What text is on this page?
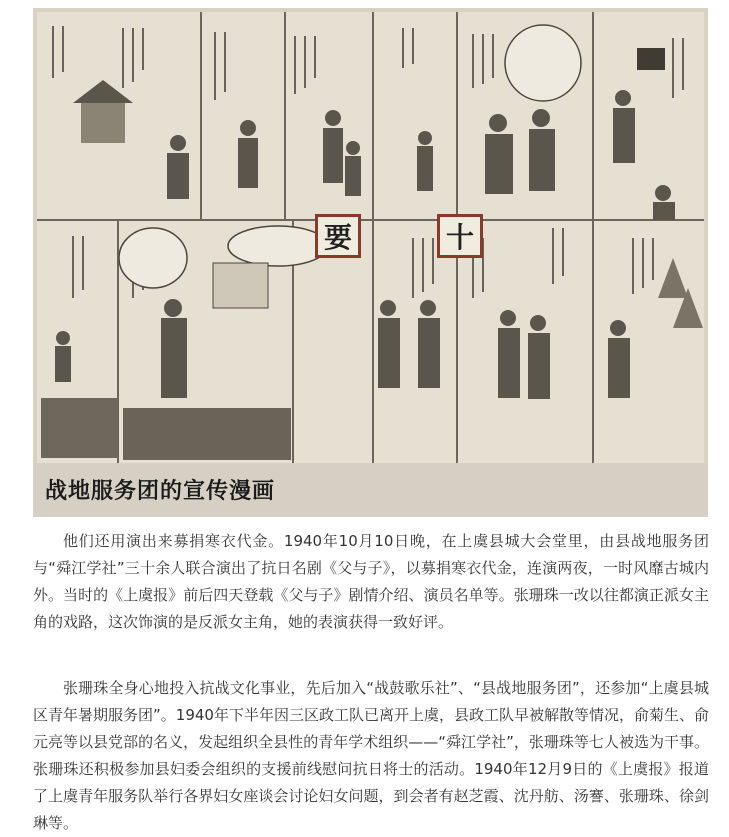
要	十
战地服务团的宣传漫画

他们还用演出来募捐寒衣代金。1940年10月10日晚，在上虞县城大会堂里，由县战地服务团与“舜江学社”三十余人联合演出了抗日名剧《父与子》，以募捐寒衣代金，连演两夜，一时风靡古城内外。当时的《上虞报》前后四天登载《父与子》剧情介绍、演员名单等。张珊珠一改以往都演正派女主角的戏路，这次饰演的是反派女主角，她的表演获得一致好评。

张珊珠全身心地投入抗战文化事业，先后加入“战鼓歌乐社”、“县战地服务团”，还参加“上虞县城区青年暑期服务团”。1940年下半年因三区政工队已离开上虞，县政工队早被解散等情况，俞菊生、俞元亮等以县党部的名义，发起组织全县性的青年学术组织——“舜江学社”，张珊珠等七人被选为干事。张珊珠还积极参加县妇委会组织的支援前线慰问抗日将士的活动。1940年12月9日的《上虞报》报道了上虞青年服务队举行各界妇女座谈会讨论妇女问题，到会者有赵芝霞、沈丹舫、汤謇、张珊珠、徐剑琳等。
